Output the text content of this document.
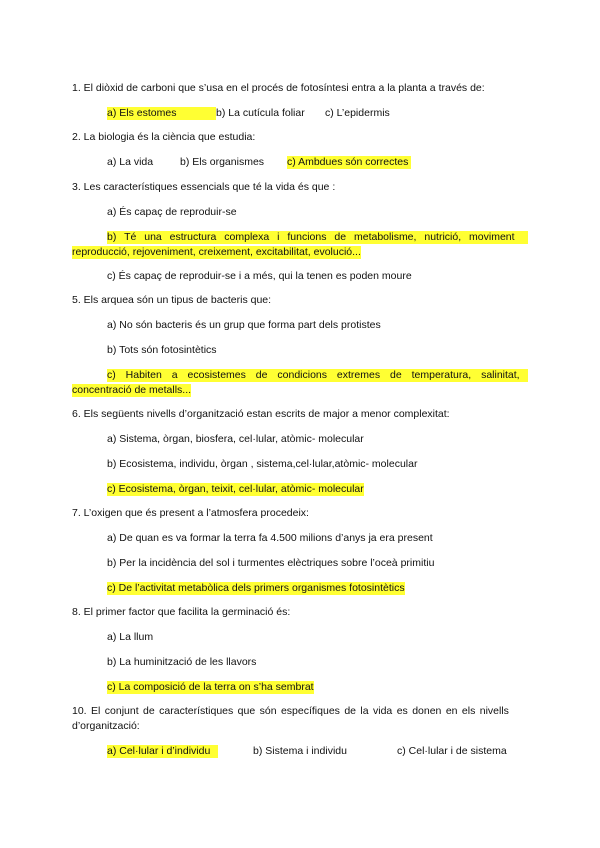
1. El diòxid de carboni que s’usa en el procés de fotosíntesi entra a la planta a través de:
a) Els estomes	b) La cutícula foliar c) L’epidermis
2. La biologia és la ciència que estudia:
a) La vida	b) Els organismes c) Ambdues són correctes
3. Les característiques essencials que té la vida és que :
a) És capaç de reproduir-se
b) Té una estructura complexa i funcions de metabolisme, nutrició, moviment
reproducció, rejoveniment, creixement, excitabilitat, evolució...
c) És capaç de reproduir-se i a més, qui la tenen es poden moure
5. Els arquea són un tipus de bacteris que:
a) No són bacteris és un grup que forma part dels protistes
b) Tots són fotosintètics
c) Habiten a ecosistemes de condicions extremes de temperatura, salinitat,
concentració de metalls...
6. Els següents nivells d’organització estan escrits de major a menor complexitat:
a) Sistema, òrgan, biosfera, cel·lular, atòmic- molecular
b) Ecosistema, individu, òrgan , sistema,cel·lular,atòmic- molecular
c) Ecosistema, òrgan, teixit, cel·lular, atòmic- molecular
7. L’oxigen que és present a l’atmosfera procedeix:
a) De quan es va formar la terra fa 4.500 milions d’anys ja era present
b) Per la incidència del sol i turmentes elèctriques sobre l’oceà primitiu
c) De l’activitat metabòlica dels primers organismes fotosintètics
8. El primer factor que facilita la germinació és:
a) La llum
b) La huminització de les llavors
c) La composició de la terra on s’ha sembrat
10. El conjunt de característiques que són específiques de la vida es donen en els nivells
d’organització:
a) Cel·lular i d’individu	b) Sistema i individu	c) Cel·lular i de sistema
